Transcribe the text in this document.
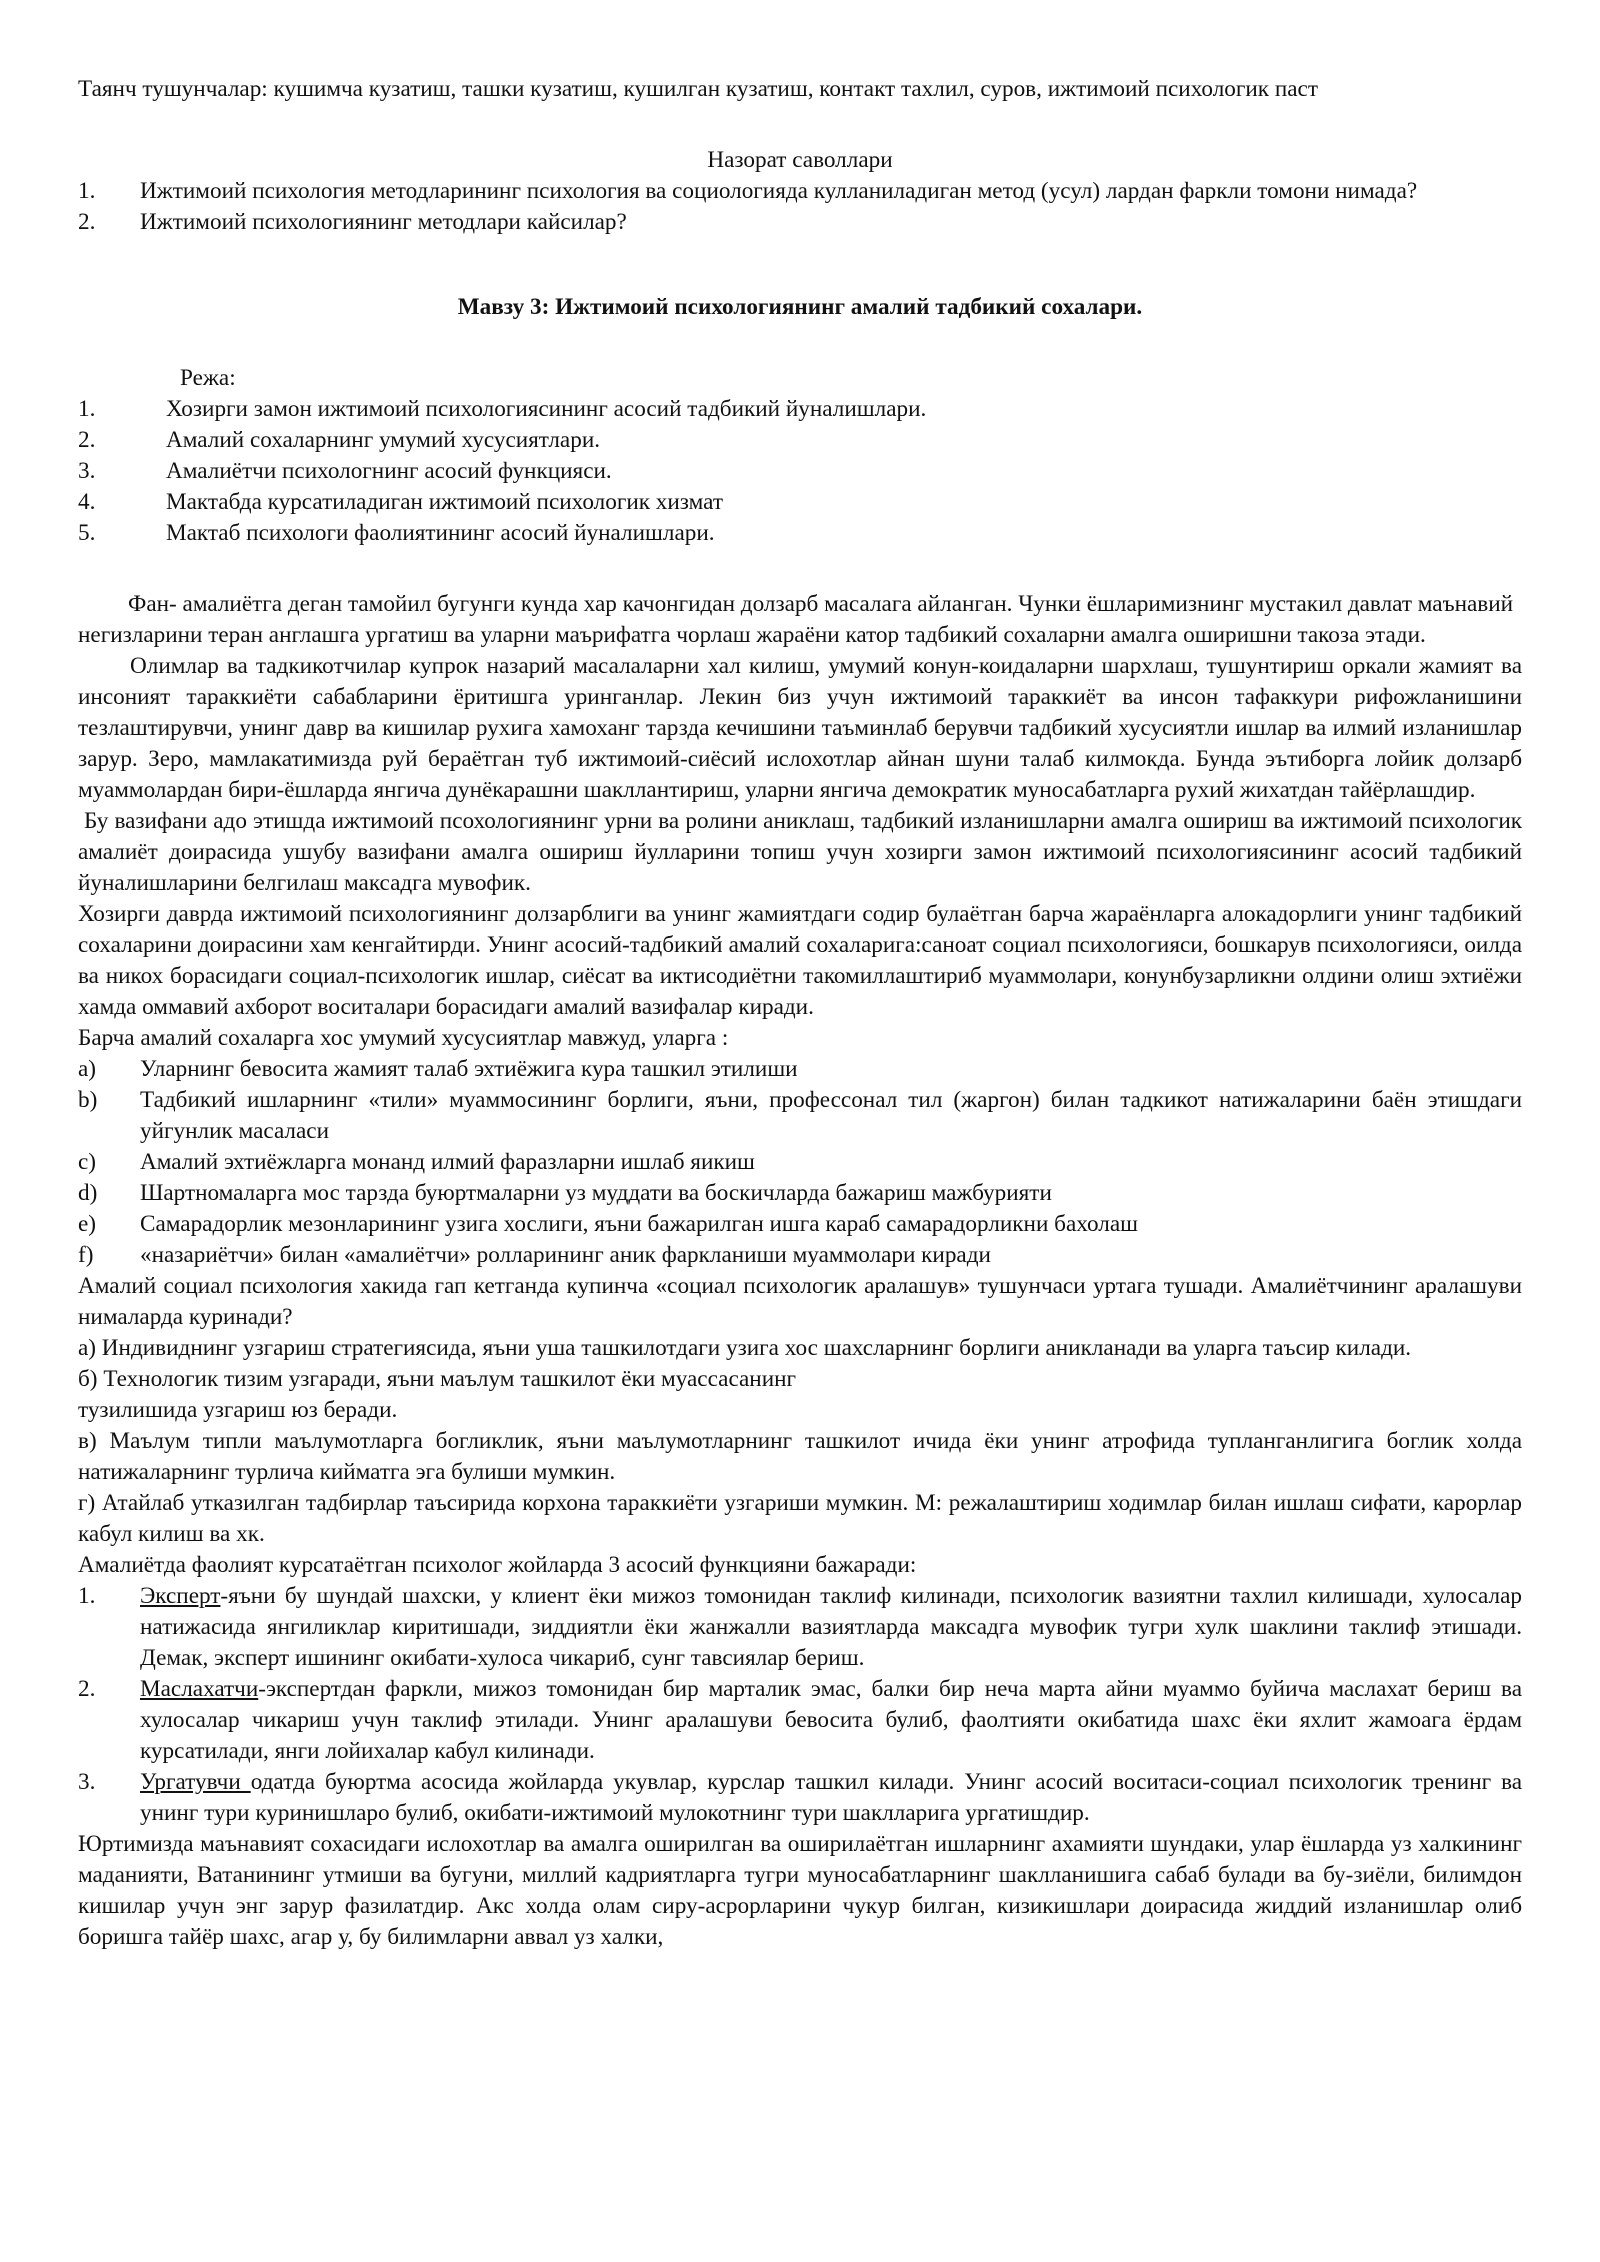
Таянч тушунчалар: кушимча кузатиш, ташки кузатиш, кушилган кузатиш, контакт тахлил, суров, ижтимоий психологик паст

Назорат саволлари

1.	Ижтимоий психология методларининг психология ва социологияда кулланиладиган метод (усул) лардан фаркли томони нимада?
2.	Ижтимоий психологиянинг методлари кайсилар?

Мавзу 3: Ижтимоий психологиянинг амалий тадбикий сохалари.

Режа:

1.	Хозирги замон ижтимоий психологиясининг асосий тадбикий йуналишлари.
2.	Амалий сохаларнинг умумий хусусиятлари.
3.	Амалиётчи психологнинг асосий функцияси.
4.	Мактабда курсатиладиган ижтимоий психологик хизмат
5.	Мактаб психологи фаолиятининг асосий йуналишлари.

Фан- амалиётга деган тамойил бугунги кунда хар качонгидан долзарб масалага айланган. Чунки ёшларимизнинг мустакил давлат маънавий негизларини теран англашга ургатиш ва уларни маърифатга чорлаш жараёни катор тадбикий сохаларни амалга оширишни такоза этади.

Олимлар ва тадкикотчилар купрок назарий масалаларни хал килиш, умумий конун-коидаларни шархлаш, тушунтириш оркали жамият ва инсоният тараккиёти сабабларини ёритишга уринганлар. Лекин биз учун ижтимоий тараккиёт ва инсон тафаккури рифожланишини тезлаштирувчи, унинг давр ва кишилар рухига хамоханг тарзда кечишини таъминлаб берувчи тадбикий хусусиятли ишлар ва илмий изланишлар зарур. Зеро, мамлакатимизда руй бераётган туб ижтимоий-сиёсий ислохотлар айнан шуни талаб килмокда. Бунда эътиборга лойик долзарб муаммолардан бири-ёшларда янгича дунёкарашни шакллантириш, уларни янгича демократик муносабатларга рухий жихатдан тайёрлашдир.

Бу вазифани адо этишда ижтимоий псохологиянинг урни ва ролини аниклаш, тадбикий изланишларни амалга ошириш ва ижтимоий психологик амалиёт доирасида ушубу вазифани амалга ошириш йулларини топиш учун хозирги замон ижтимоий психологиясининг асосий тадбикий йуналишларини белгилаш максадга мувофик.

Хозирги даврда ижтимоий психологиянинг долзарблиги ва унинг жамиятдаги содир булаётган барча жараёнларга алокадорлиги унинг тадбикий сохаларини доирасини хам кенгайтирди. Унинг асосий-тадбикий амалий сохаларига:саноат социал психологияси, бошкарув психологияси, оилда ва никох борасидаги социал-психологик ишлар, сиёсат ва иктисодиётни такомиллаштириб муаммолари, конунбузарликни олдини олиш эхтиёжи хамда оммавий ахборот воситалари борасидаги амалий вазифалар киради.

Барча амалий сохаларга хос умумий хусусиятлар мавжуд, уларга :

a)	Уларнинг бевосита жамият талаб эхтиёжига кура ташкил этилиши
b)	Тадбикий ишларнинг «тили» муаммосининг борлиги, яъни, профессонал тил (жаргон) билан тадкикот натижаларини баён этишдаги уйгунлик масаласи
c)	Амалий эхтиёжларга монанд илмий фаразларни ишлаб яикиш
d)	Шартномаларга мос тарзда буюртмаларни уз муддати ва боскичларда бажариш мажбурияти
e)	Самарадорлик мезонларининг узига хослиги, яъни бажарилган ишга караб самарадорликни бахолаш
f)	«назариётчи» билан «амалиётчи» ролларининг аник фаркланиши муаммолари киради

Амалий социал психология хакида гап кетганда купинча «социал психологик аралашув» тушунчаси уртага тушади. Амалиётчининг аралашуви нималарда куринади?

а) Индивиднинг узгариш стратегиясида, яъни уша ташкилотдаги узига хос шахсларнинг борлиги аникланади ва уларга таъсир килади.

б) Технологик тизим узгаради, яъни маълум ташкилот ёки муассасанинг

тузилишида узгариш юз беради.

в) Маълум типли маълумотларга богликлик, яъни маълумотларнинг ташкилот ичида ёки унинг атрофида тупланганлигига боглик холда натижаларнинг турлича кийматга эга булиши мумкин.

г) Атайлаб утказилган тадбирлар таъсирида корхона тараккиёти узгариши мумкин. М: режалаштириш ходимлар билан ишлаш сифати, карорлар кабул килиш ва хк.

Амалиётда фаолият курсатаётган психолог жойларда 3 асосий функцияни бажаради:

1.	Эксперт-яъни бу шундай шахски, у клиент ёки мижоз томонидан таклиф килинади, психологик вазиятни тахлил килишади, хулосалар натижасида янгиликлар киритишади, зиддиятли ёки жанжалли вазиятларда максадга мувофик тугри хулк шаклини таклиф этишади. Демак, эксперт ишининг окибати-хулоса чикариб, сунг тавсиялар бериш.
2.	Маслахатчи-экспертдан фаркли, мижоз томонидан бир марталик эмас, балки бир неча марта айни муаммо буйича маслахат бериш ва хулосалар чикариш учун таклиф этилади. Унинг аралашуви бевосита булиб, фаолтияти окибатида шахс ёки яхлит жамоага ёрдам курсатилади, янги лойихалар кабул килинади.
3.	Ургатувчи одатда буюртма асосида жойларда укувлар, курслар ташкил килади. Унинг асосий воситаси-социал психологик тренинг ва унинг тури куринишларо булиб, окибати-ижтимоий мулокотнинг тури шаклларига ургатишдир.

Юртимизда маънавият сохасидаги ислохотлар ва амалга оширилган ва оширилаётган ишларнинг ахамияти шундаки, улар ёшларда уз халкининг маданияти, Ватанининг утмиши ва бугуни, миллий кадриятларга тугри муносабатларнинг шаклланишига сабаб булади ва бу-зиёли, билимдон кишилар учун энг зарур фазилатдир. Акс холда олам сиру-асрорларини чукур билган, кизикишлари доирасида жиддий изланишлар олиб боришга тайёр шахс, агар у, бу билимларни аввал уз халки,
